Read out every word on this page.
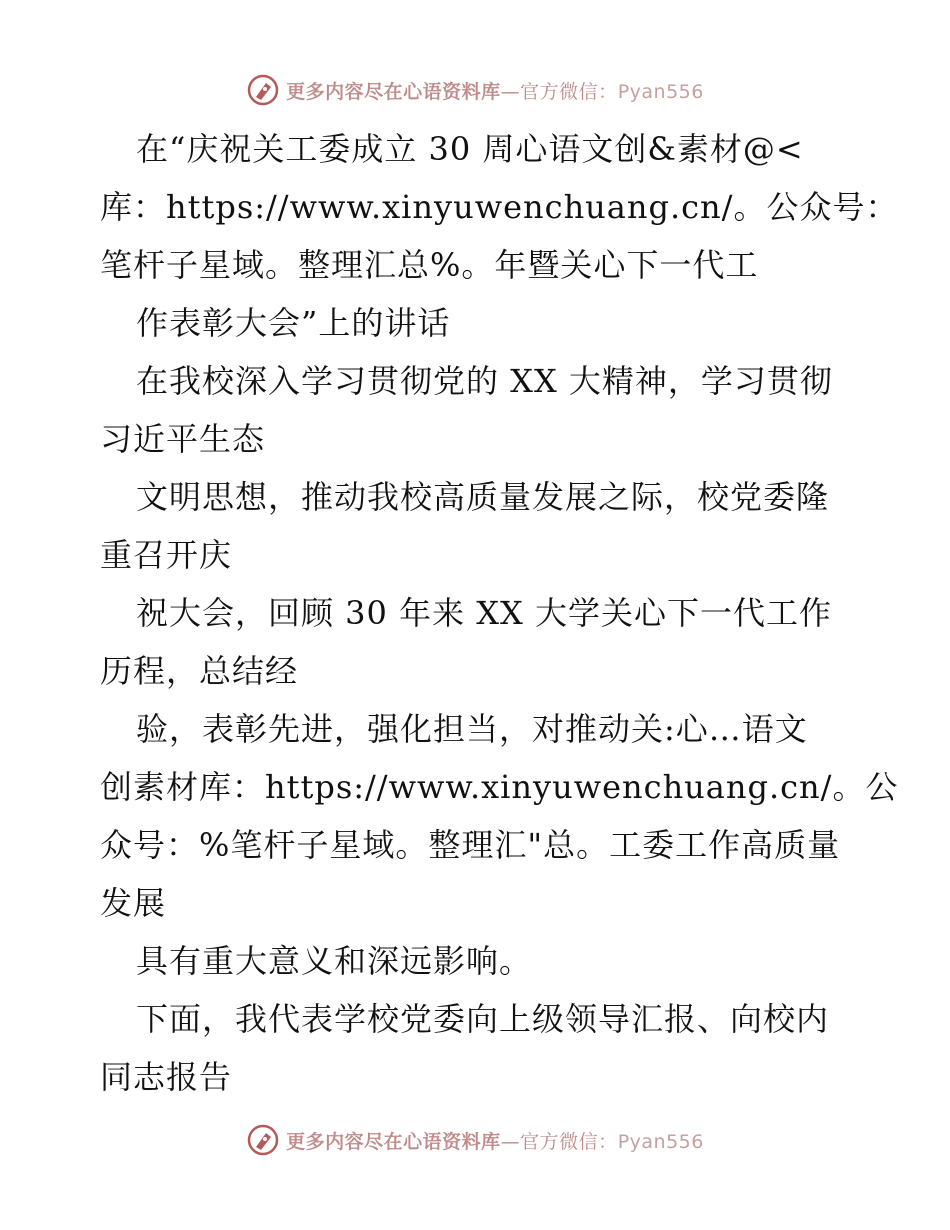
更多内容尽在心语资料库—官方微信：Pyan556
在“庆祝关工委成立 30 周心语文创&素材@<
库：https://www.xinyuwenchuang.cn/。公众号：
笔杆子星域。整理汇总%。年暨关心下一代工
作表彰大会”上的讲话
在我校深入学习贯彻党的 XX 大精神，学习贯彻
习近平生态
文明思想，推动我校高质量发展之际，校党委隆
重召开庆
祝大会，回顾 30 年来 XX 大学关心下一代工作
历程，总结经
验，表彰先进，强化担当，对推动关:心…语文
创素材库：https://www.xinyuwenchuang.cn/。公
众号：%笔杆子星域。整理汇"总。工委工作高质量
发展
具有重大意义和深远影响。
下面，我代表学校党委向上级领导汇报、向校内
同志报告
更多内容尽在心语资料库—官方微信：Pyan556
